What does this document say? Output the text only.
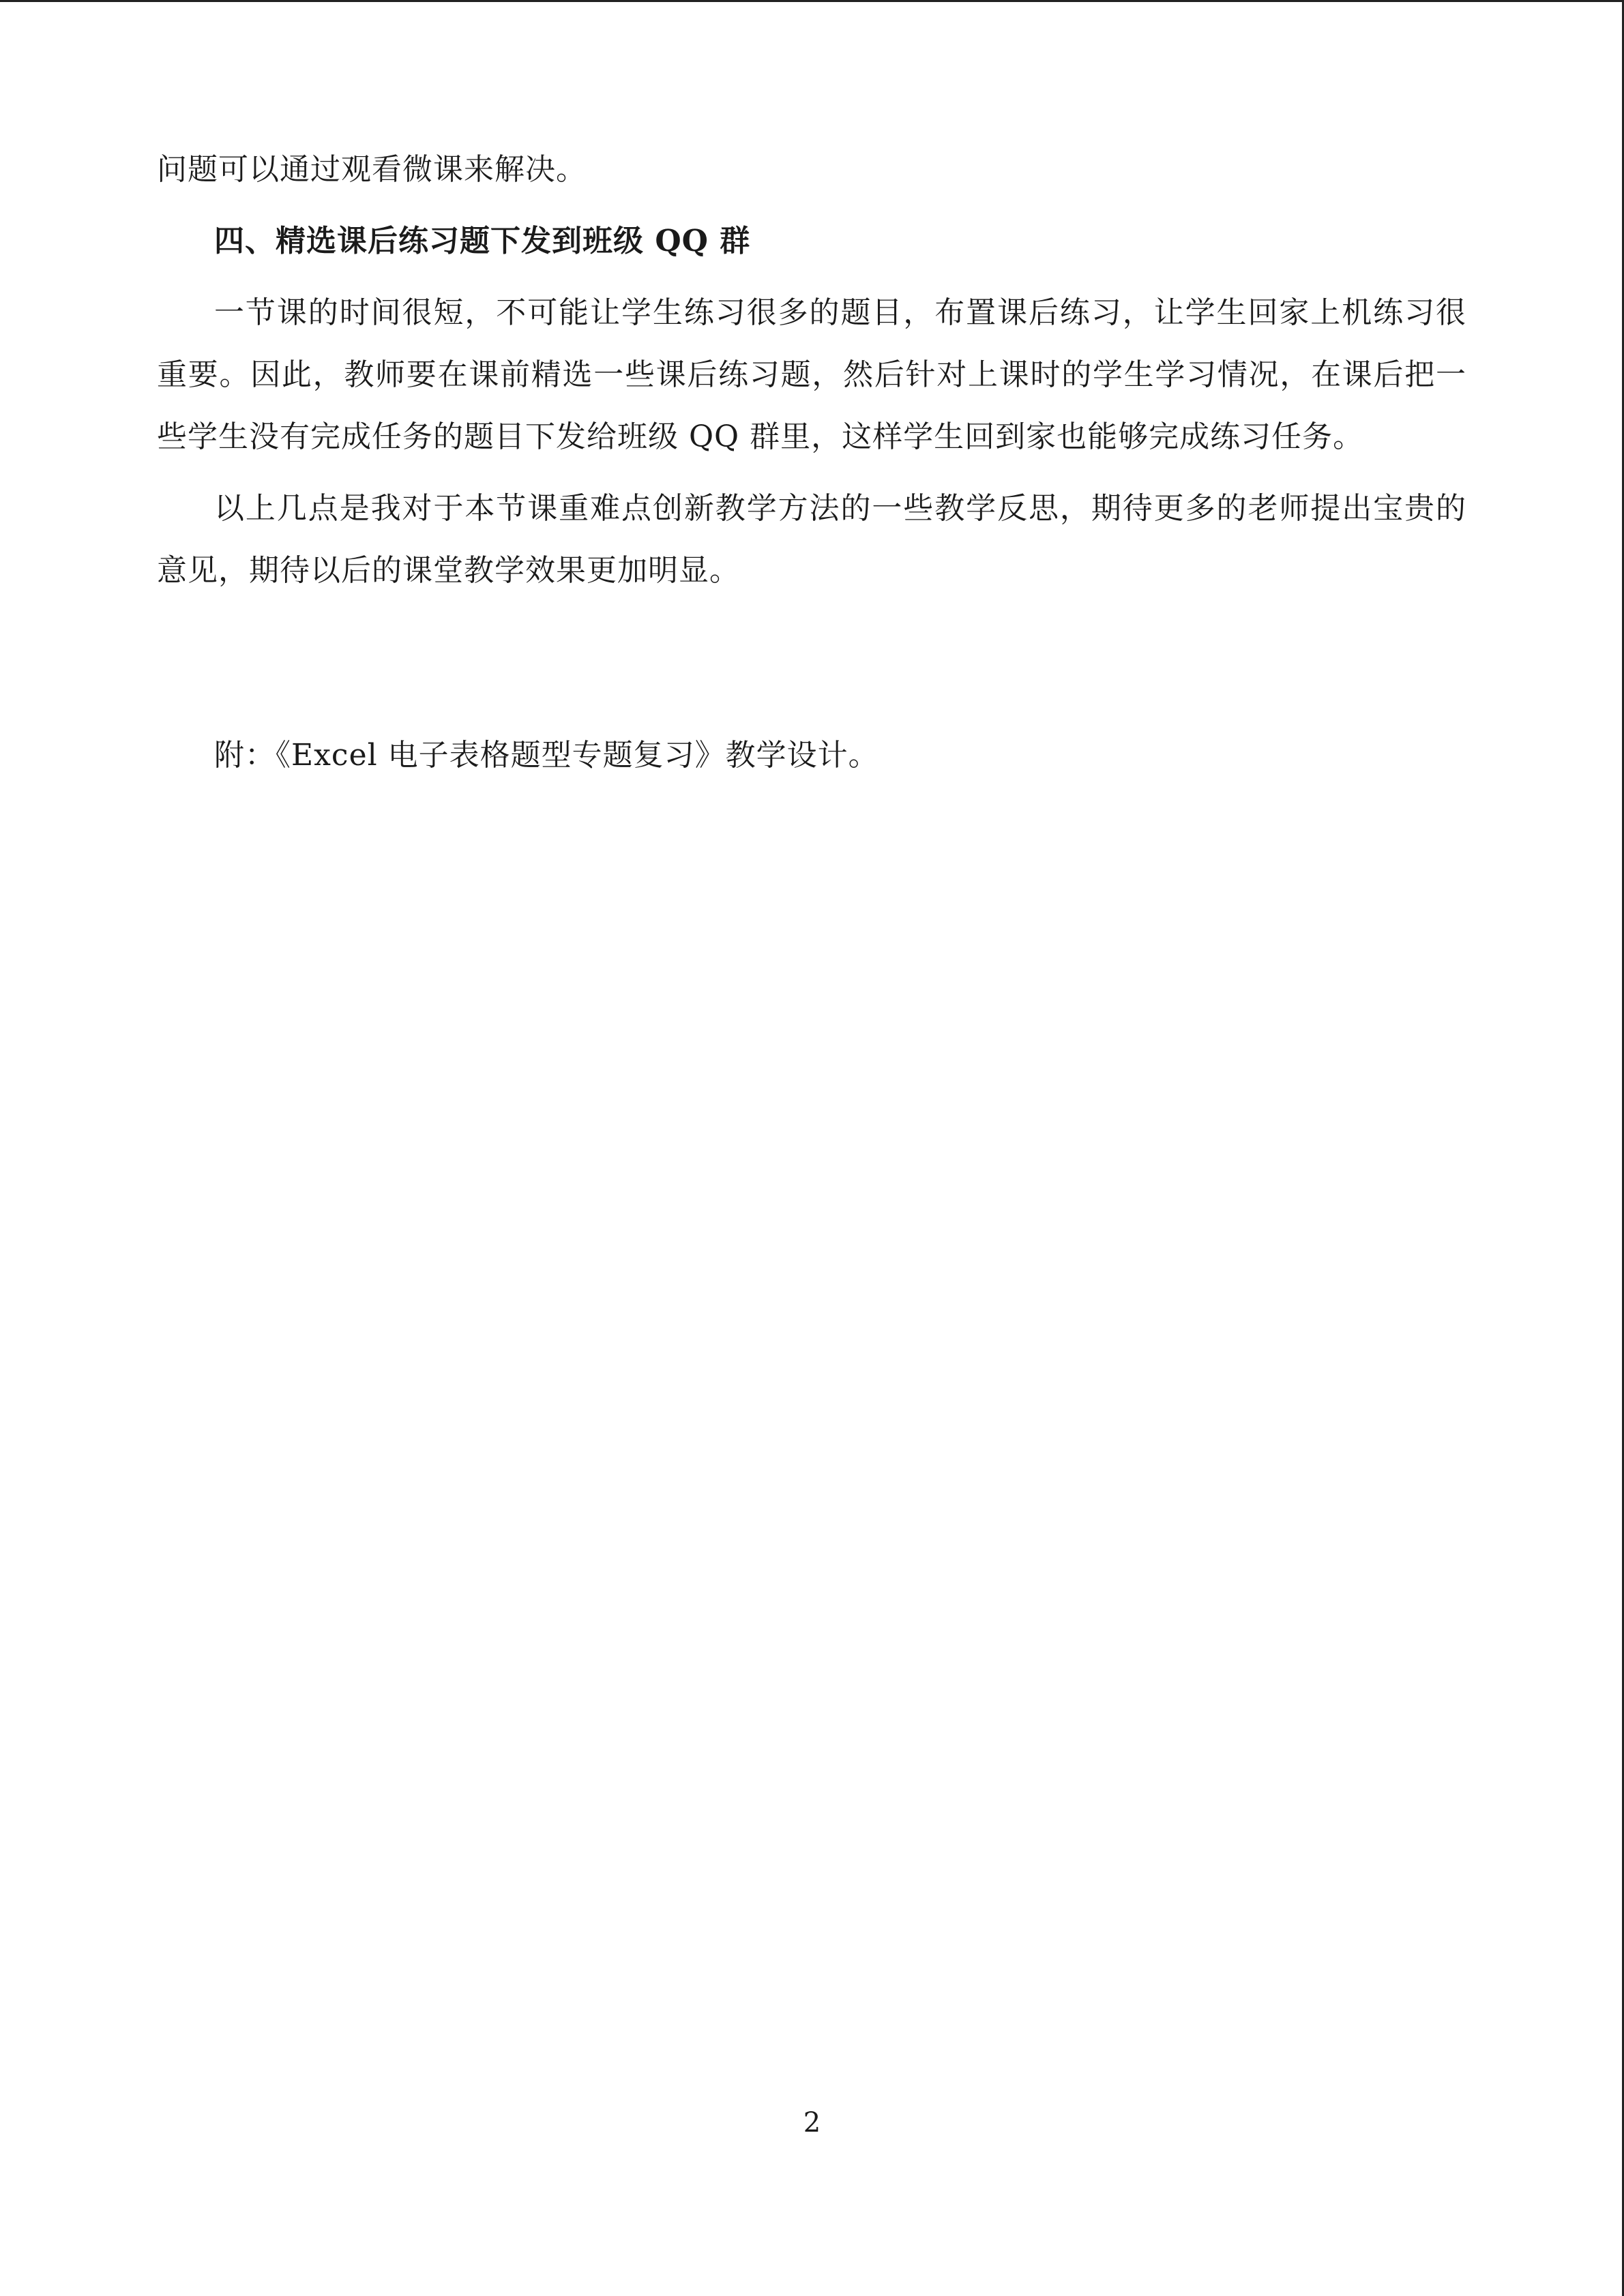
问题可以通过观看微课来解决。

四、精选课后练习题下发到班级 QQ 群

一节课的时间很短，不可能让学生练习很多的题目，布置课后练习，让学生回家上机练习很重要。因此，教师要在课前精选一些课后练习题，然后针对上课时的学生学习情况，在课后把一些学生没有完成任务的题目下发给班级 QQ 群里，这样学生回到家也能够完成练习任务。

以上几点是我对于本节课重难点创新教学方法的一些教学反思，期待更多的老师提出宝贵的意见，期待以后的课堂教学效果更加明显。

附：《Excel 电子表格题型专题复习》教学设计。

2
